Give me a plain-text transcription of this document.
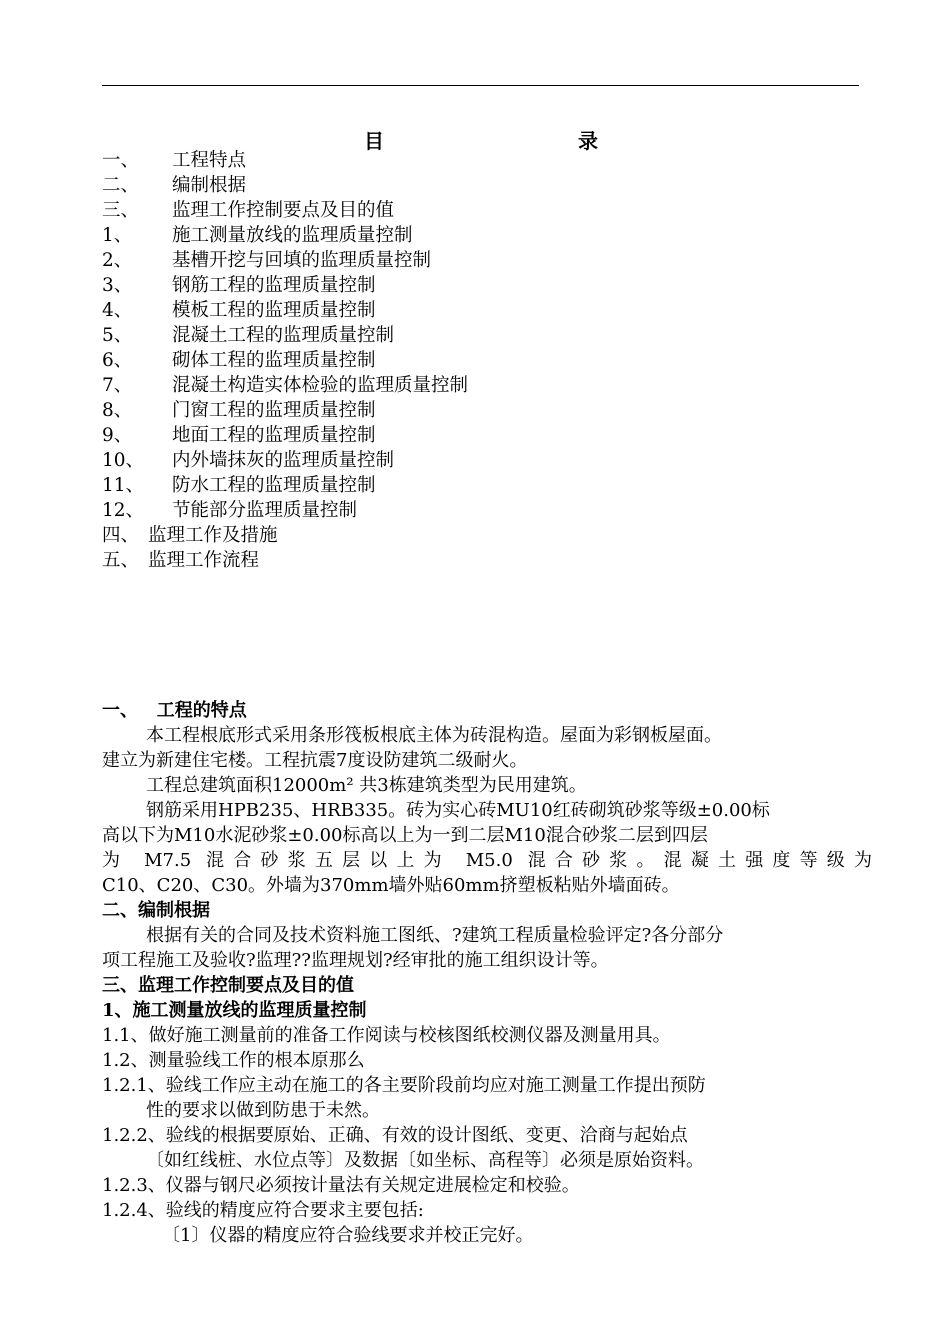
目	录
一、 工程特点
二、 编制根据
三、 监理工作控制要点及目的值
1、 施工测量放线的监理质量控制
2、 基槽开挖与回填的监理质量控制
3、 钢筋工程的监理质量控制
4、 模板工程的监理质量控制
5、 混凝土工程的监理质量控制
6、 砌体工程的监理质量控制
7、 混凝土构造实体检验的监理质量控制
8、 门窗工程的监理质量控制
9、 地面工程的监理质量控制
10、 内外墙抹灰的监理质量控制
11、 防水工程的监理质量控制
12、 节能部分监理质量控制
四、 监理工作及措施
五、 监理工作流程
一、   工程的特点
本工程根底形式采用条形筏板根底主体为砖混构造。屋面为彩钢板屋面。
建立为新建住宅楼。工程抗震7度设防建筑二级耐火。
工程总建筑面积12000m² 共3栋建筑类型为民用建筑。
钢筋采用HPB235、HRB335。砖为实心砖MU10红砖砌筑砂浆等级±0.00标
高以下为M10水泥砂浆±0.00标高以上为一到二层M10混合砂浆二层到四层
为 M7.5 混合砂浆五层以上为 M5.0 混合砂浆。混凝土强度等级为
C10、C20、C30。外墙为370mm墙外贴60mm挤塑板粘贴外墙面砖。
二、编制根据
根据有关的合同及技术资料施工图纸、?建筑工程质量检验评定?各分部分
项工程施工及验收?监理??监理规划?经审批的施工组织设计等。
三、监理工作控制要点及目的值
1、施工测量放线的监理质量控制
1.1、做好施工测量前的准备工作阅读与校核图纸校测仪器及测量用具。
1.2、测量验线工作的根本原那么
1.2.1、验线工作应主动在施工的各主要阶段前均应对施工测量工作提出预防
性的要求以做到防患于未然。
1.2.2、验线的根据要原始、正确、有效的设计图纸、变更、洽商与起始点
〔如红线桩、水位点等〕及数据〔如坐标、高程等〕必须是原始资料。
1.2.3、仪器与钢尺必须按计量法有关规定进展检定和校验。
1.2.4、验线的精度应符合要求主要包括:
〔1〕仪器的精度应符合验线要求并校正完好。
